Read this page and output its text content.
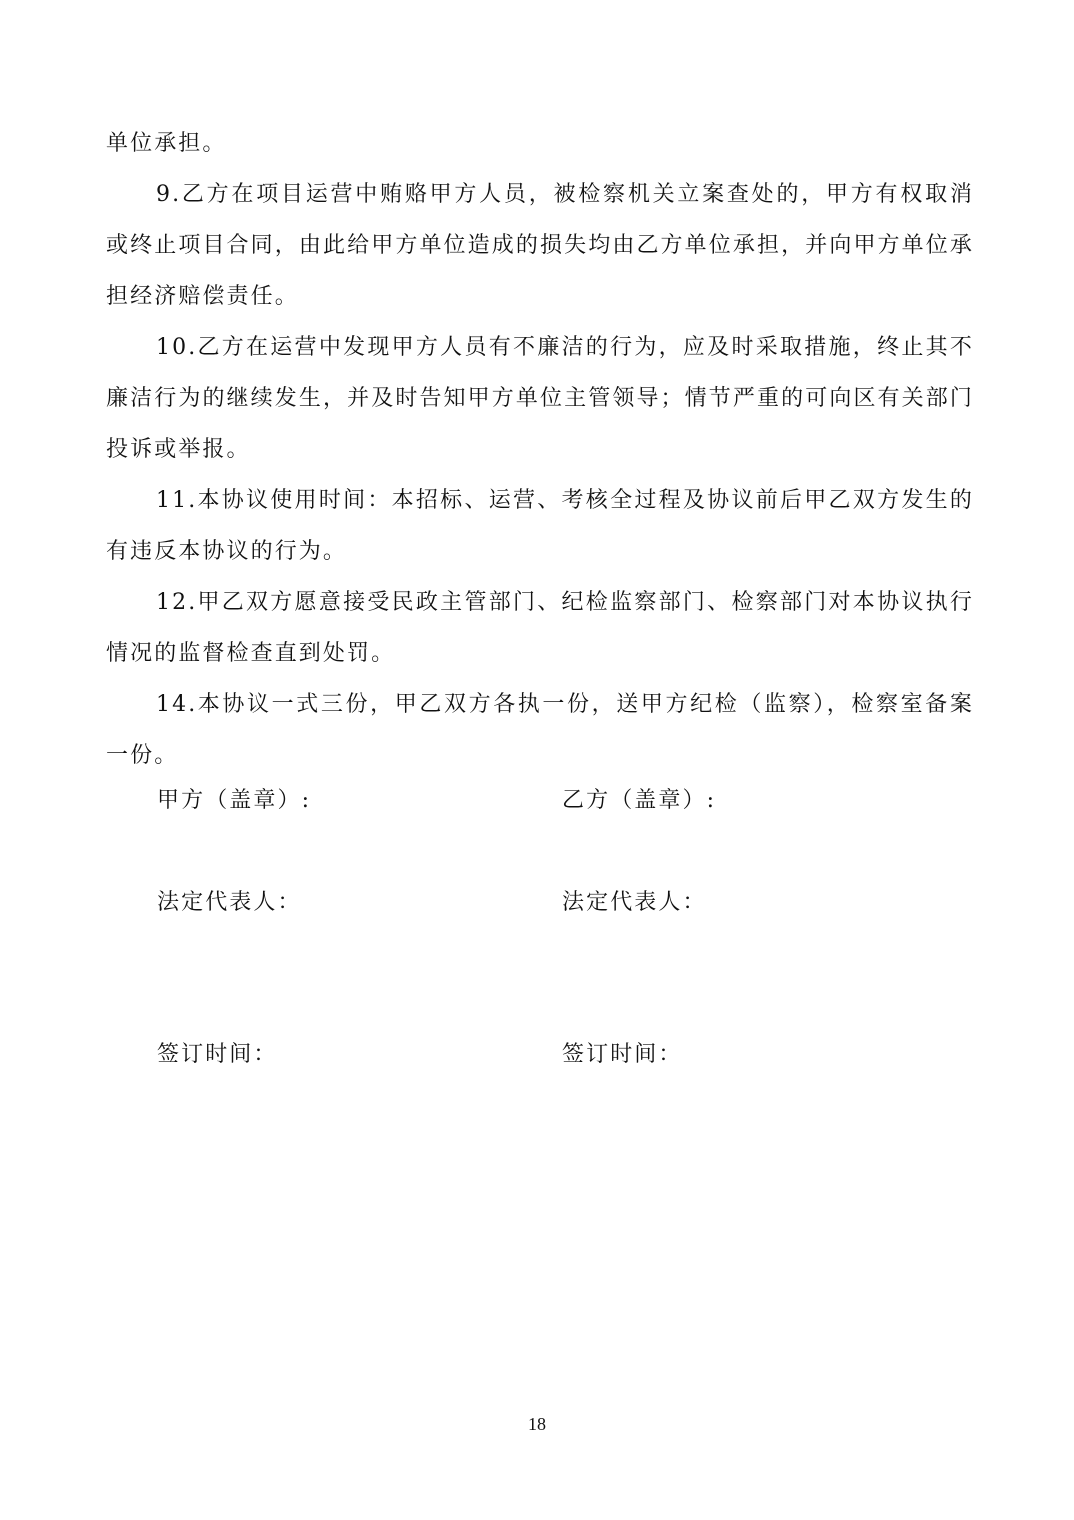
单位承担。

9.乙方在项目运营中贿赂甲方人员，被检察机关立案查处的，甲方有权取消或终止项目合同，由此给甲方单位造成的损失均由乙方单位承担，并向甲方单位承担经济赔偿责任。

10.乙方在运营中发现甲方人员有不廉洁的行为，应及时采取措施，终止其不廉洁行为的继续发生，并及时告知甲方单位主管领导；情节严重的可向区有关部门投诉或举报。

11.本协议使用时间：本招标、运营、考核全过程及协议前后甲乙双方发生的有违反本协议的行为。

12.甲乙双方愿意接受民政主管部门、纪检监察部门、检察部门对本协议执行情况的监督检查直到处罚。

14.本协议一式三份，甲乙双方各执一份，送甲方纪检（监察），检察室备案一份。

甲方（盖章）:	乙方（盖章）:
法定代表人：	法定代表人：
签订时间：	签订时间：
18
